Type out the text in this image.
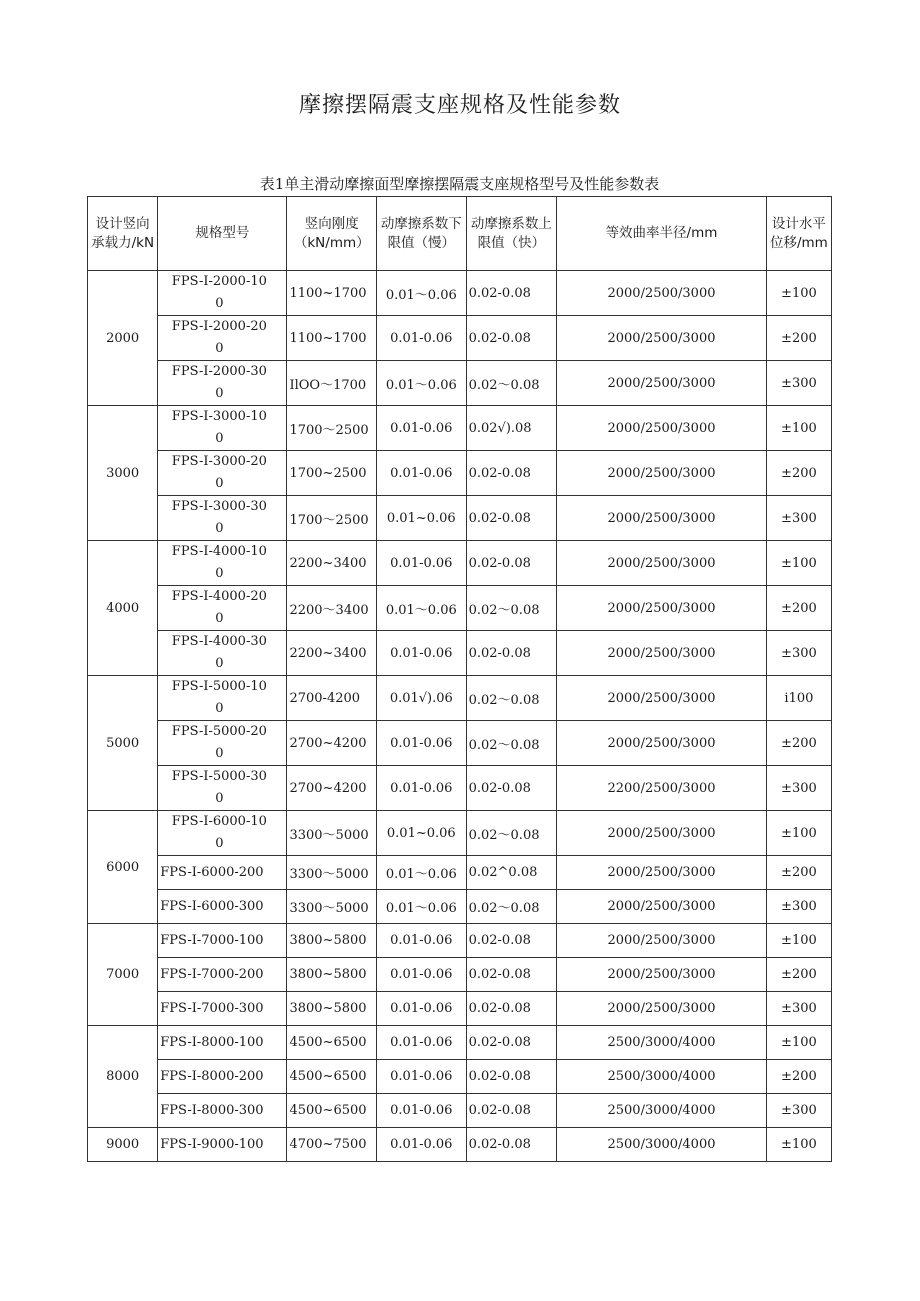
摩擦摆隔震支座规格及性能参数
表1单主滑动摩擦面型摩擦摆隔震支座规格型号及性能参数表
设计竖向承载力/kN	规格型号	竖向刚度（kN/mm）	动摩擦系数下限值（慢）	动摩擦系数上限值（快）	等效曲率半径/mm	设计水平位移/mm
2000	FPS-I-2000-100	1100~1700	0.01～0.06	0.02-0.08	2000/2500/3000	±100
	FPS-I-2000-200	1100~1700	0.01-0.06	0.02-0.08	2000/2500/3000	±200
	FPS-I-2000-300	IlOO～1700	0.01～0.06	0.02～0.08	2000/2500/3000	±300
3000	FPS-I-3000-100	1700～2500	0.01-0.06	0.02√).08	2000/2500/3000	±100
	FPS-I-3000-200	1700~2500	0.01-0.06	0.02-0.08	2000/2500/3000	±200
	FPS-I-3000-300	1700～2500	0.01~0.06	0.02-0.08	2000/2500/3000	±300
4000	FPS-I-4000-100	2200~3400	0.01-0.06	0.02-0.08	2000/2500/3000	±100
	FPS-I-4000-200	2200～3400	0.01～0.06	0.02～0.08	2000/2500/3000	±200
	FPS-I-4000-300	2200~3400	0.01-0.06	0.02-0.08	2000/2500/3000	±300
5000	FPS-I-5000-100	2700-4200	0.01√).06	0.02～0.08	2000/2500/3000	i100
	FPS-I-5000-200	2700~4200	0.01-0.06	0.02～0.08	2000/2500/3000	±200
	FPS-I-5000-300	2700~4200	0.01-0.06	0.02-0.08	2200/2500/3000	±300
6000	FPS-I-6000-100	3300～5000	0.01~0.06	0.02～0.08	2000/2500/3000	±100
	FPS-I-6000-200	3300～5000	0.01～0.06	0.02^0.08	2000/2500/3000	±200
	FPS-I-6000-300	3300～5000	0.01～0.06	0.02～0.08	2000/2500/3000	±300
7000	FPS-I-7000-100	3800~5800	0.01-0.06	0.02-0.08	2000/2500/3000	±100
	FPS-I-7000-200	3800~5800	0.01-0.06	0.02-0.08	2000/2500/3000	±200
	FPS-I-7000-300	3800~5800	0.01-0.06	0.02-0.08	2000/2500/3000	±300
8000	FPS-I-8000-100	4500~6500	0.01-0.06	0.02-0.08	2500/3000/4000	±100
	FPS-I-8000-200	4500~6500	0.01-0.06	0.02-0.08	2500/3000/4000	±200
	FPS-I-8000-300	4500~6500	0.01-0.06	0.02-0.08	2500/3000/4000	±300
9000	FPS-I-9000-100	4700~7500	0.01-0.06	0.02-0.08	2500/3000/4000	±100
